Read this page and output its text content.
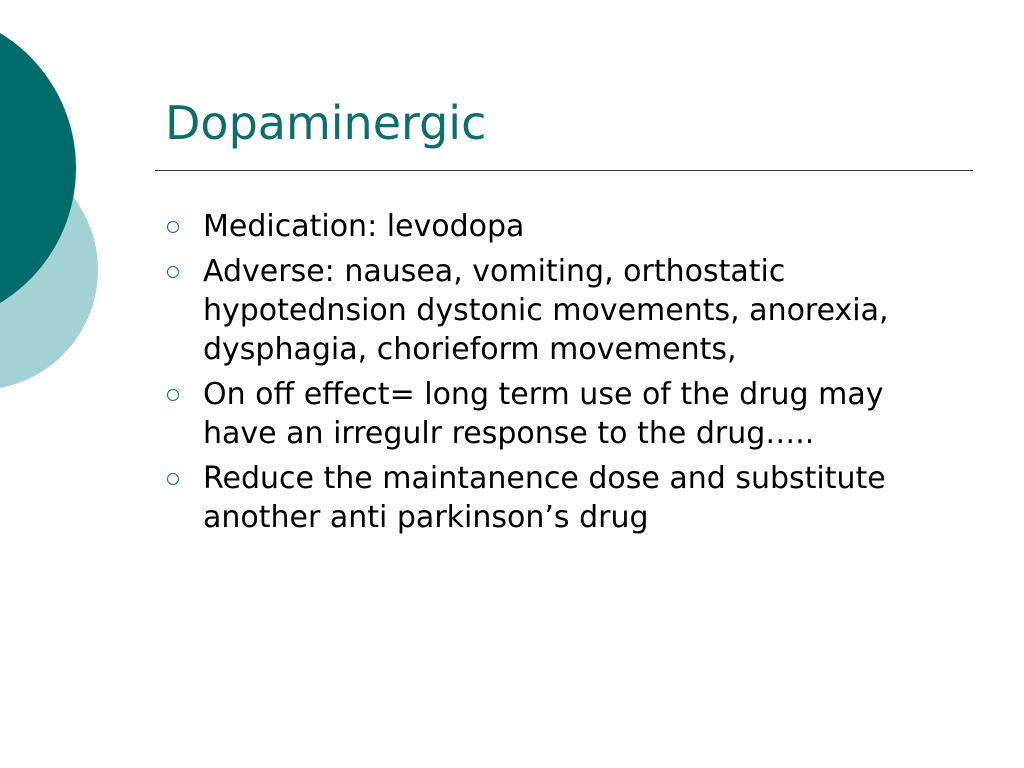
Dopaminergic
Medication: levodopa
Adverse: nausea, vomiting, orthostatic hypotednsion dystonic movements, anorexia, dysphagia, chorieform movements,
On off effect= long term use of the drug may have an irregulr response to the drug…..
Reduce the maintanence dose and substitute another anti parkinson’s drug
